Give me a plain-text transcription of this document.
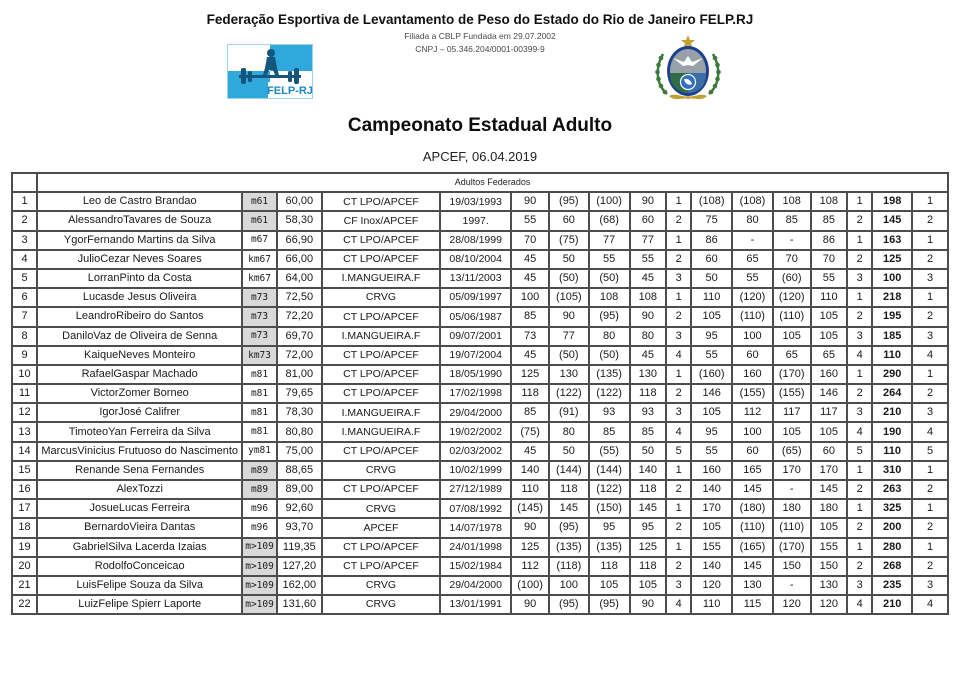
Federação Esportiva de Levantamento de Peso do Estado do Rio de Janeiro FELP.RJ
Filiada a CBLP Fundada em 29.07.2002
CNPJ – 05.346.204/0001-00399-9
FELP-RJ
Campeonato Estadual Adulto
APCEF, 06.04.2019
	Adultos Federados																
1	Leo de Castro Brandao	m61	60,00	CT LPO/APCEF	19/03/1993	90	(95)	(100)	90	1	(108)	(108)	108	108	1	198	1
2	AlessandroTavares de Souza	m61	58,30	CF Inox/APCEF	1997.	55	60	(68)	60	2	75	80	85	85	2	145	2
3	YgorFernando Martins da Silva	m67	66,90	CT LPO/APCEF	28/08/1999	70	(75)	77	77	1	86	-	-	86	1	163	1
4	JulioCezar Neves Soares	km67	66,00	CT LPO/APCEF	08/10/2004	45	50	55	55	2	60	65	70	70	2	125	2
5	LorranPinto da Costa	km67	64,00	I.MANGUEIRA.F	13/11/2003	45	(50)	(50)	45	3	50	55	(60)	55	3	100	3
6	Lucasde Jesus Oliveira	m73	72,50	CRVG	05/09/1997	100	(105)	108	108	1	110	(120)	(120)	110	1	218	1
7	LeandroRibeiro do Santos	m73	72,20	CT LPO/APCEF	05/06/1987	85	90	(95)	90	2	105	(110)	(110)	105	2	195	2
8	DaniloVaz de Oliveira de Senna	m73	69,70	I.MANGUEIRA.F	09/07/2001	73	77	80	80	3	95	100	105	105	3	185	3
9	KaiqueNeves Monteiro	km73	72,00	CT LPO/APCEF	19/07/2004	45	(50)	(50)	45	4	55	60	65	65	4	110	4
10	RafaelGaspar Machado	m81	81,00	CT LPO/APCEF	18/05/1990	125	130	(135)	130	1	(160)	160	(170)	160	1	290	1
11	VictorZomer Borneo	m81	79,65	CT LPO/APCEF	17/02/1998	118	(122)	(122)	118	2	146	(155)	(155)	146	2	264	2
12	IgorJosé Califrer	m81	78,30	I.MANGUEIRA.F	29/04/2000	85	(91)	93	93	3	105	112	117	117	3	210	3
13	TimoteoYan Ferreira da Silva	m81	80,80	I.MANGUEIRA.F	19/02/2002	(75)	80	85	85	4	95	100	105	105	4	190	4
14	MarcusVinicius Frutuoso do Nascimento	ym81	75,00	CT LPO/APCEF	02/03/2002	45	50	(55)	50	5	55	60	(65)	60	5	110	5
15	Renande Sena Fernandes	m89	88,65	CRVG	10/02/1999	140	(144)	(144)	140	1	160	165	170	170	1	310	1
16	AlexTozzi	m89	89,00	CT LPO/APCEF	27/12/1989	110	118	(122)	118	2	140	145	-	145	2	263	2
17	JosueLucas Ferreira	m96	92,60	CRVG	07/08/1992	(145)	145	(150)	145	1	170	(180)	180	180	1	325	1
18	BernardoVieira Dantas	m96	93,70	APCEF	14/07/1978	90	(95)	95	95	2	105	(110)	(110)	105	2	200	2
19	GabrielSilva Lacerda Izaias	m>109	119,35	CT LPO/APCEF	24/01/1998	125	(135)	(135)	125	1	155	(165)	(170)	155	1	280	1
20	RodolfoConceicao	m>109	127,20	CT LPO/APCEF	15/02/1984	112	(118)	118	118	2	140	145	150	150	2	268	2
21	LuisFelipe Souza da Silva	m>109	162,00	CRVG	29/04/2000	(100)	100	105	105	3	120	130	-	130	3	235	3
22	LuizFelipe Spierr Laporte	m>109	131,60	CRVG	13/01/1991	90	(95)	(95)	90	4	110	115	120	120	4	210	4
